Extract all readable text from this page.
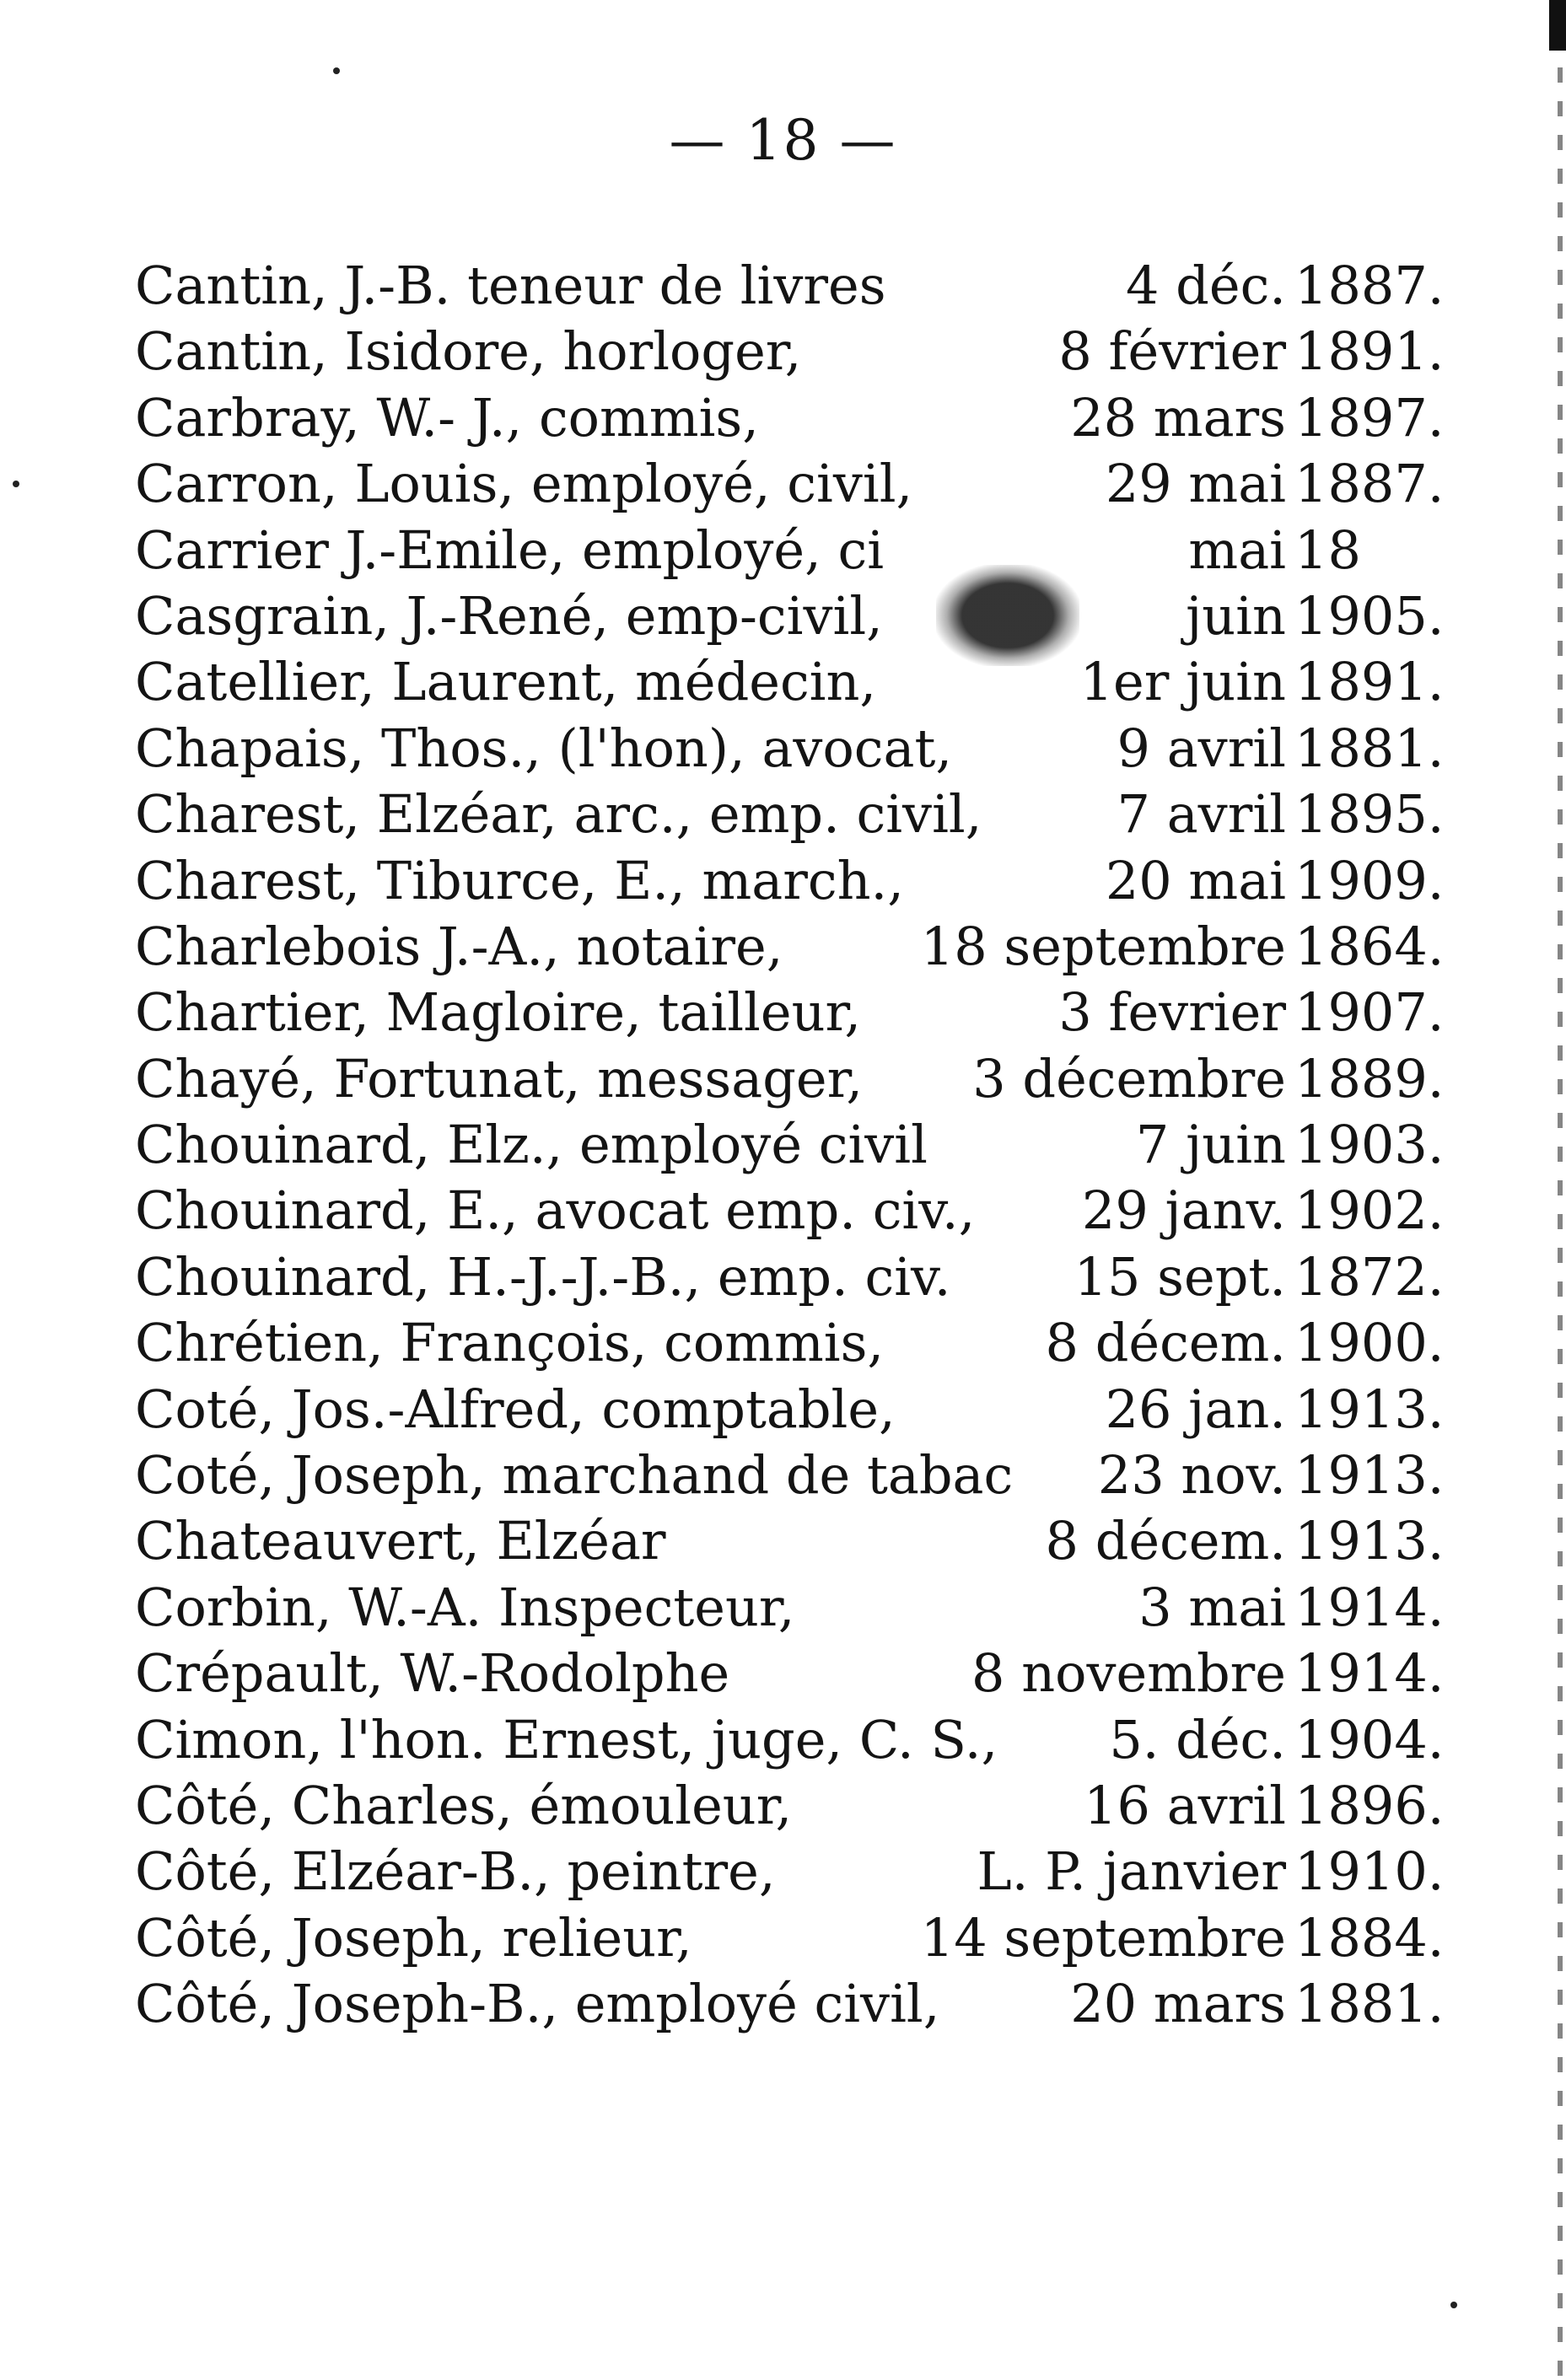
— 18 —
Cantin, J.-B. teneur de livres	4 déc. 1887.
Cantin, Isidore, horloger,	8 février 1891.
Carbray, W.- J., commis,	28 mars 1897.
Carron, Louis, employé, civil,	29 mai 1887.
Carrier J.-Emile, employé, ci	mai 18
Casgrain, J.-René, emp-civil,	juin 1905.
Catellier, Laurent, médecin,	1er juin 1891.
Chapais, Thos., (l'hon), avocat,	9 avril 1881.
Charest, Elzéar, arc., emp. civil,	7 avril 1895.
Charest, Tiburce, E., march.,	20 mai 1909.
Charlebois J.-A., notaire,	18 septembre 1864.
Chartier, Magloire, tailleur,	3 fevrier 1907.
Chayé, Fortunat, messager, 3 décembre 1889.
Chouinard, Elz., employé civil	7 juin 1903.
Chouinard, E., avocat emp. civ., 29 janv. 1902.
Chouinard, H.-J.-J.-B., emp. civ. 15 sept. 1872.
Chrétien, François, commis,	8 décem. 1900.
Coté, Jos.-Alfred, comptable,	26 jan. 1913.
Coté, Joseph, marchand de tabac 23 nov. 1913.
Chateauvert, Elzéar	8 décem. 1913.
Corbin, W.-A. Inspecteur,	3 mai 1914.
Crépault, W.-Rodolphe	8 novembre 1914.
Cimon, l'hon. Ernest, juge, C. S., 5. déc. 1904.
Côté, Charles, émouleur,	16 avril 1896.
Côté, Elzéar-B., peintre,	L. P. janvier 1910.
Côté, Joseph, relieur,	14 septembre 1884.
Côté, Joseph-B., employé civil, 20 mars 1881.
